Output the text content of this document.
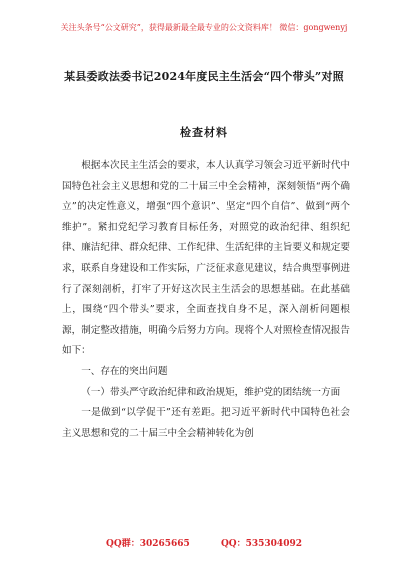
关注头条号“公文研究”，获得最新最全最专业的公文资料库！ 微信：gongwenyj
某县委政法委书记2024年度民主生活会“四个带头”对照
检查材料

根据本次民主生活会的要求，本人认真学习领会习近平新时代中国特色社会主义思想和党的二十届三中全会精神，深刻领悟“两个确立”的决定性意义，增强“四个意识”、坚定“四个自信”、做到“两个维护”。紧扣党纪学习教育目标任务，对照党的政治纪律、组织纪律、廉洁纪律、群众纪律、工作纪律、生活纪律的主旨要义和规定要求，联系自身建设和工作实际，广泛征求意见建议，结合典型事例进行了深刻剖析，打牢了开好这次民主生活会的思想基础。在此基础上，围绕“四个带头”要求，全面查找自身不足，深入剖析问题根源，制定整改措施，明确今后努力方向。现将个人对照检查情况报告如下：

一、存在的突出问题

（一）带头严守政治纪律和政治规矩，维护党的团结统一方面

一是做到“以学促干”还有差距。把习近平新时代中国特色社会主义思想和党的二十届三中全会精神转化为创

QQ群：30265665	QQ：535304092
